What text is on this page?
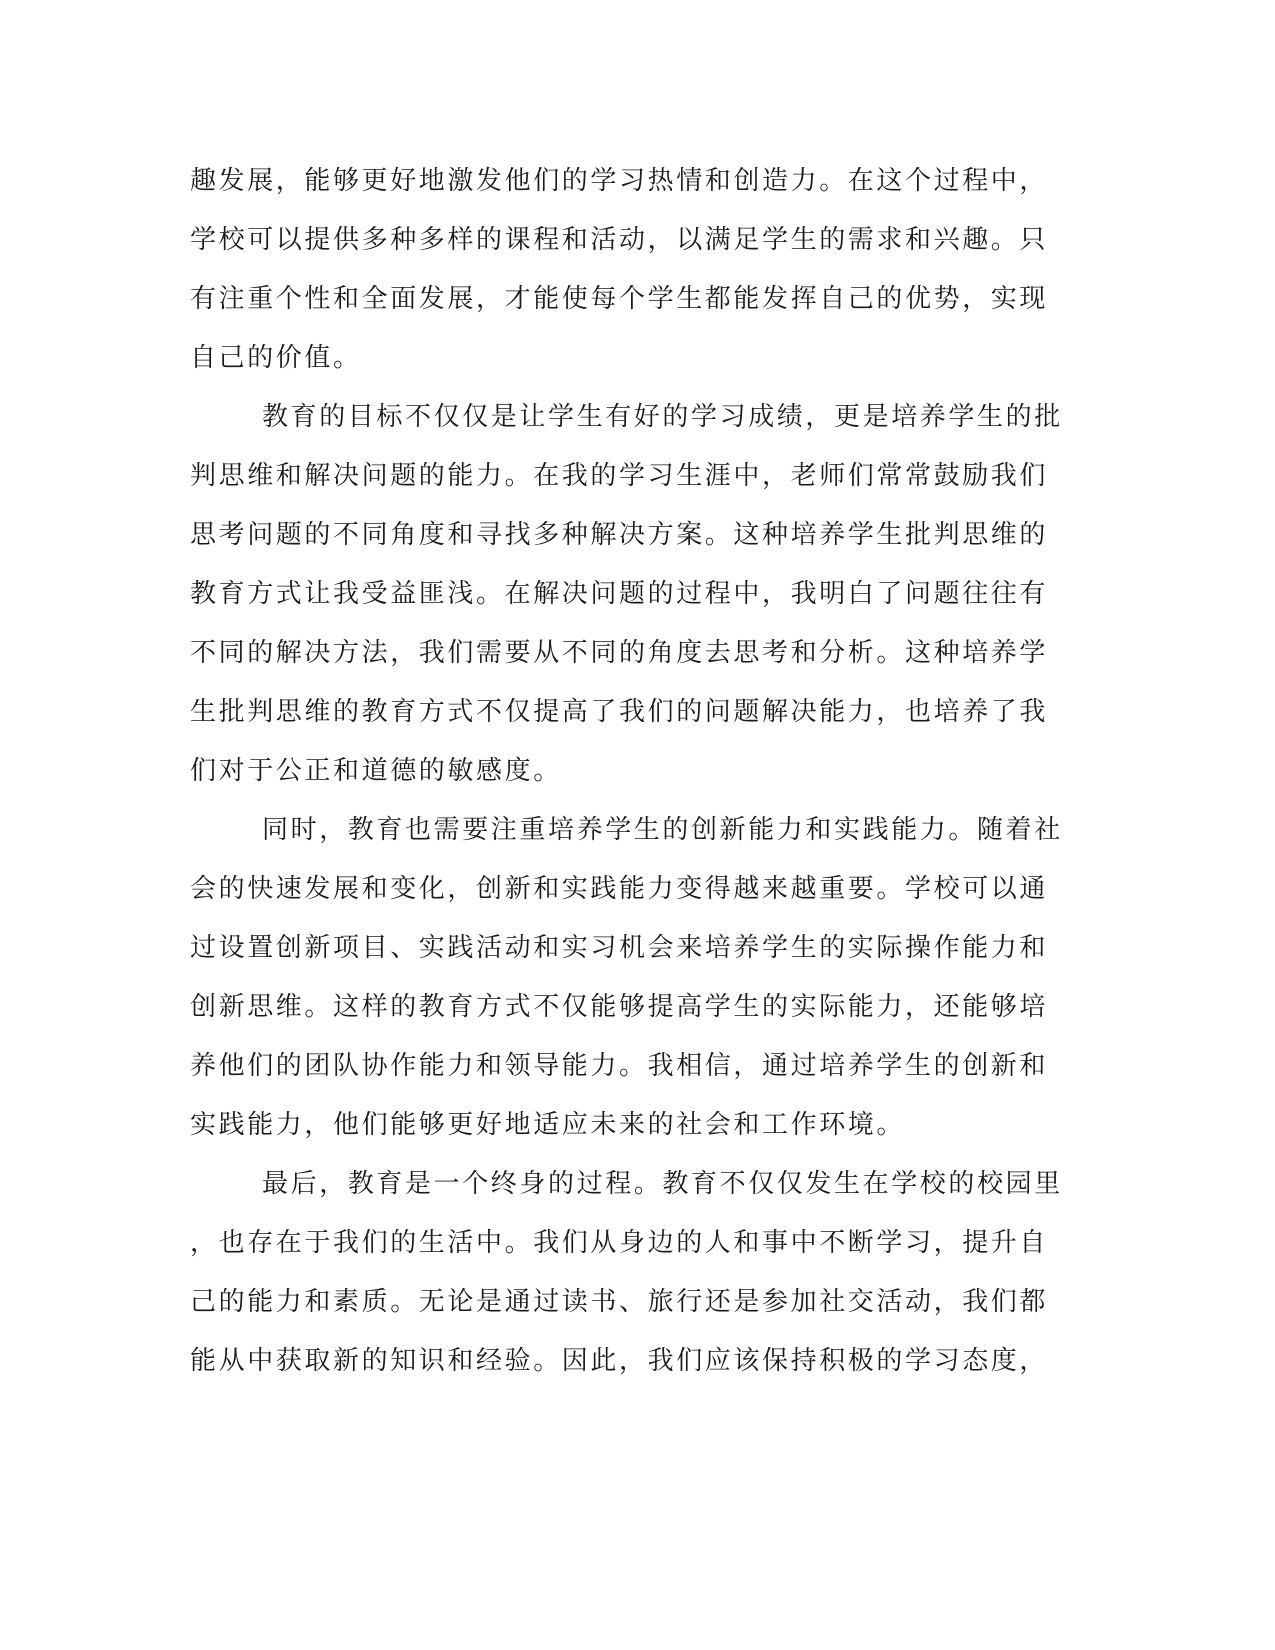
趣发展，能够更好地激发他们的学习热情和创造力。在这个过程中，
学校可以提供多种多样的课程和活动，以满足学生的需求和兴趣。只
有注重个性和全面发展，才能使每个学生都能发挥自己的优势，实现
自己的价值。
教育的目标不仅仅是让学生有好的学习成绩，更是培养学生的批
判思维和解决问题的能力。在我的学习生涯中，老师们常常鼓励我们
思考问题的不同角度和寻找多种解决方案。这种培养学生批判思维的
教育方式让我受益匪浅。在解决问题的过程中，我明白了问题往往有
不同的解决方法，我们需要从不同的角度去思考和分析。这种培养学
生批判思维的教育方式不仅提高了我们的问题解决能力，也培养了我
们对于公正和道德的敏感度。
同时，教育也需要注重培养学生的创新能力和实践能力。随着社
会的快速发展和变化，创新和实践能力变得越来越重要。学校可以通
过设置创新项目、实践活动和实习机会来培养学生的实际操作能力和
创新思维。这样的教育方式不仅能够提高学生的实际能力，还能够培
养他们的团队协作能力和领导能力。我相信，通过培养学生的创新和
实践能力，他们能够更好地适应未来的社会和工作环境。
最后，教育是一个终身的过程。教育不仅仅发生在学校的校园里
，也存在于我们的生活中。我们从身边的人和事中不断学习，提升自
己的能力和素质。无论是通过读书、旅行还是参加社交活动，我们都
能从中获取新的知识和经验。因此，我们应该保持积极的学习态度，
